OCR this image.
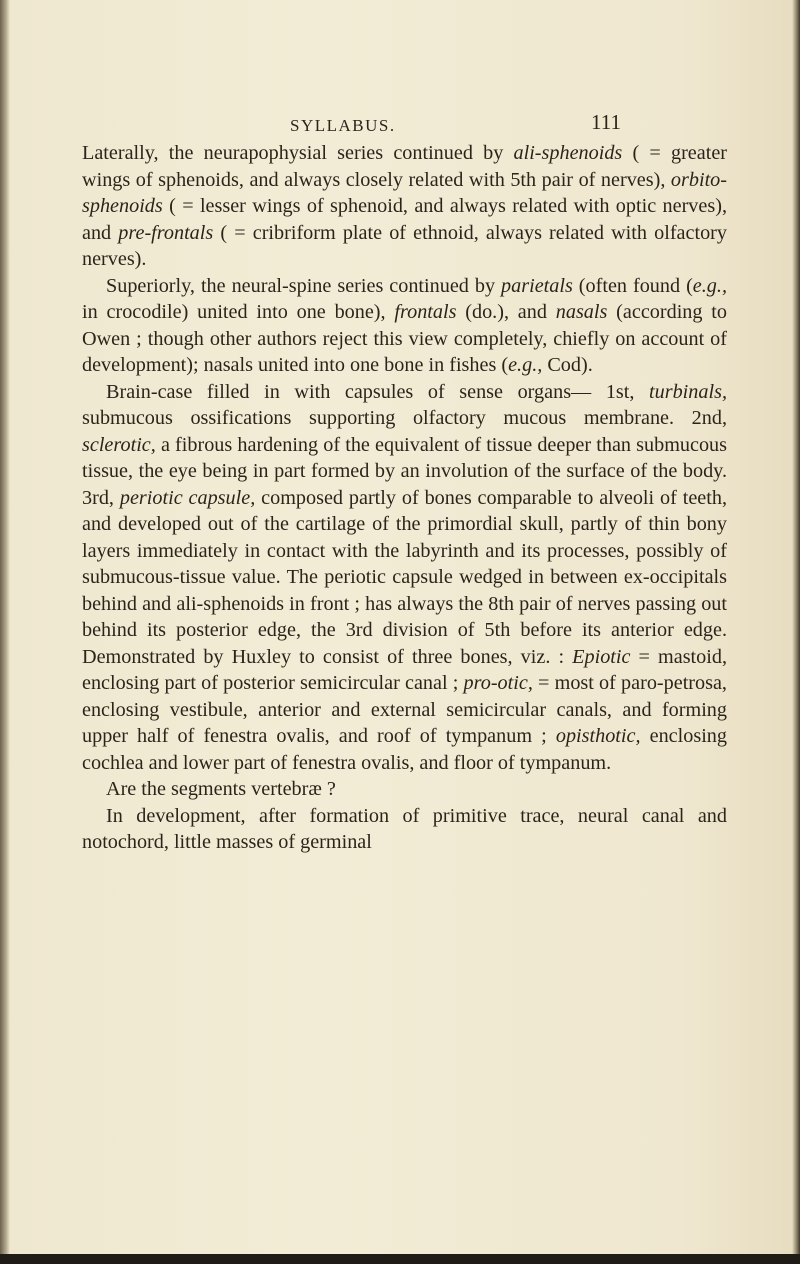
SYLLABUS.	111

Laterally, the neurapophysial series continued by ali-sphenoids ( = greater wings of sphenoids, and always closely related with 5th pair of nerves), orbito-sphenoids ( = lesser wings of sphenoid, and always related with optic nerves), and pre-frontals ( = cribriform plate of ethnoid, always related with olfactory nerves).

Superiorly, the neural-spine series continued by parietals (often found (e.g., in crocodile) united into one bone), frontals (do.), and nasals (according to Owen ; though other authors reject this view completely, chiefly on account of development); nasals united into one bone in fishes (e.g., Cod).

Brain-case filled in with capsules of sense organs— 1st, turbinals, submucous ossifications supporting olfactory mucous membrane. 2nd, sclerotic, a fibrous hardening of the equivalent of tissue deeper than submucous tissue, the eye being in part formed by an involution of the surface of the body. 3rd, periotic capsule, composed partly of bones comparable to alveoli of teeth, and developed out of the cartilage of the primordial skull, partly of thin bony layers immediately in contact with the labyrinth and its processes, possibly of submucous-tissue value. The periotic capsule wedged in between ex-occipitals behind and ali-sphenoids in front ; has always the 8th pair of nerves passing out behind its posterior edge, the 3rd division of 5th before its anterior edge. Demonstrated by Huxley to consist of three bones, viz. : Epiotic = mastoid, enclosing part of posterior semicircular canal ; pro-otic, = most of paro-petrosa, enclosing vestibule, anterior and external semicircular canals, and forming upper half of fenestra ovalis, and roof of tympanum ; opisthotic, enclosing cochlea and lower part of fenestra ovalis, and floor of tympanum.

Are the segments vertebræ ?

In development, after formation of primitive trace, neural canal and notochord, little masses of germinal
